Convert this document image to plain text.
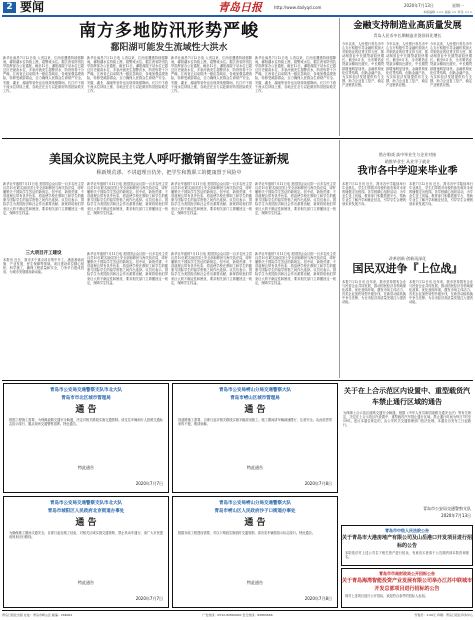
2 要闻	青岛日报	http://www.dailyqd.com	2020年7月13日	星期一
本版编辑 ××× 美编 ×× 审读 ×××
南方多地防汛形势严峻
鄱阳湖可能发生流域性大洪水
新华社南昌7月12日电 入汛以来，江西省遭遇持续强降雨，鄱阳湖水位持续上涨，超警戒水位。据江西省防汛抗旱指挥部办公室通报，截至12日，鄱阳湖星子站水位已超过历史最高水位，多条河流发生超警洪水，防汛形势十分严峻。江西省已启动防汛一级应急响应，各地加强巡堤查险，转移受威胁群众，全力确保人民群众生命财产安全。安徽、湖北、湖南等省份也出现持续强降雨，长江中下游干流水位持续上涨，各地正在全力以赴做好防汛抢险救灾工作。
新华社南昌7月12日电 入汛以来，江西省遭遇持续强降雨，鄱阳湖水位持续上涨，超警戒水位。据江西省防汛抗旱指挥部办公室通报，截至12日，鄱阳湖星子站水位已超过历史最高水位，多条河流发生超警洪水，防汛形势十分严峻。江西省已启动防汛一级应急响应，各地加强巡堤查险，转移受威胁群众，全力确保人民群众生命财产安全。安徽、湖北、湖南等省份也出现持续强降雨，长江中下游干流水位持续上涨，各地正在全力以赴做好防汛抢险救灾工作。
新华社南昌7月12日电 入汛以来，江西省遭遇持续强降雨，鄱阳湖水位持续上涨，超警戒水位。据江西省防汛抗旱指挥部办公室通报，截至12日，鄱阳湖星子站水位已超过历史最高水位，多条河流发生超警洪水，防汛形势十分严峻。江西省已启动防汛一级应急响应，各地加强巡堤查险，转移受威胁群众，全力确保人民群众生命财产安全。安徽、湖北、湖南等省份也出现持续强降雨，长江中下游干流水位持续上涨，各地正在全力以赴做好防汛抢险救灾工作。
新华社南昌7月12日电 入汛以来，江西省遭遇持续强降雨，鄱阳湖水位持续上涨，超警戒水位。据江西省防汛抗旱指挥部办公室通报，截至12日，鄱阳湖星子站水位已超过历史最高水位，多条河流发生超警洪水，防汛形势十分严峻。江西省已启动防汛一级应急响应，各地加强巡堤查险，转移受威胁群众，全力确保人民群众生命财产安全。安徽、湖北、湖南等省份也出现持续强降雨，长江中下游干流水位持续上涨，各地正在全力以赴做好防汛抢险救灾工作。
金融支持制造业高质量发展
青岛人民币中长期制造业贷款同比增长
今年以来，人民银行青岛市中心支行积极引导金融机构加大对制造业的信贷支持力度，推动制造业中长期贷款较快增长。截至6月末，全市制造业贷款余额同比增长，中长期贷款增速明显加快。金融机构优化信贷结构，创新金融产品，为实体经济发展提供有力支撑，助力企业复工复产，稳定产业链供应链。
今年以来，人民银行青岛市中心支行积极引导金融机构加大对制造业的信贷支持力度，推动制造业中长期贷款较快增长。截至6月末，全市制造业贷款余额同比增长，中长期贷款增速明显加快。金融机构优化信贷结构，创新金融产品，为实体经济发展提供有力支撑，助力企业复工复产，稳定产业链供应链。
今年以来，人民银行青岛市中心支行积极引导金融机构加大对制造业的信贷支持力度，推动制造业中长期贷款较快增长。截至6月末，全市制造业贷款余额同比增长，中长期贷款增速明显加快。金融机构优化信贷结构，创新金融产品，为实体经济发展提供有力支撑，助力企业复工复产，稳定产业链供应链。
美国众议院民主党人呼吁撤销留学生签证新规
称新规荒谬、不讲道理且仇外，把学生和教职工的健康置于风险中
新华社华盛顿7月11日电 美国国会众议院一百多名民主党议员10日联名致信国土安全部和移民与海关执法局，呼吁撤销关于国际学生签证的新规定。信中说，新规荒谬、不讲道理且带有仇外色彩，将迫使学校在教职工和学生的健康与国际学生的留学资格之间作出选择。议员们表示，国际学生为美国经济和社会作出重要贡献，新规将给他们带来巨大的不确定性和困扰，要求相关部门立即撤回这一规定，保障学生权益。
新华社华盛顿7月11日电 美国国会众议院一百多名民主党议员10日联名致信国土安全部和移民与海关执法局，呼吁撤销关于国际学生签证的新规定。信中说，新规荒谬、不讲道理且带有仇外色彩，将迫使学校在教职工和学生的健康与国际学生的留学资格之间作出选择。议员们表示，国际学生为美国经济和社会作出重要贡献，新规将给他们带来巨大的不确定性和困扰，要求相关部门立即撤回这一规定，保障学生权益。
新华社华盛顿7月11日电 美国国会众议院一百多名民主党议员10日联名致信国土安全部和移民与海关执法局，呼吁撤销关于国际学生签证的新规定。信中说，新规荒谬、不讲道理且带有仇外色彩，将迫使学校在教职工和学生的健康与国际学生的留学资格之间作出选择。议员们表示，国际学生为美国经济和社会作出重要贡献，新规将给他们带来巨大的不确定性和困扰，要求相关部门立即撤回这一规定，保障学生权益。
新华社华盛顿7月11日电 美国国会众议院一百多名民主党议员10日联名致信国土安全部和移民与海关执法局，呼吁撤销关于国际学生签证的新规定。信中说，新规荒谬、不讲道理且带有仇外色彩，将迫使学校在教职工和学生的健康与国际学生的留学资格之间作出选择。议员们表示，国际学生为美国经济和社会作出重要贡献，新规将给他们带来巨大的不确定性和困扰，要求相关部门立即撤回这一规定，保障学生权益。
三大项目开工建设
本报讯 近日，我市多个重点项目集中开工，涵盖基础设施、产业发展、民生保障等领域。项目建设单位精心组织，科学施工，确保工程质量和安全，力争早日建成投用，为城市发展增添新动能。
新华社华盛顿7月11日电 美国国会众议院一百多名民主党议员10日联名致信国土安全部和移民与海关执法局，呼吁撤销关于国际学生签证的新规定。信中说，新规荒谬、不讲道理且带有仇外色彩，将迫使学校在教职工和学生的健康与国际学生的留学资格之间作出选择。议员们表示，国际学生为美国经济和社会作出重要贡献，新规将给他们带来巨大的不确定性和困扰，要求相关部门立即撤回这一规定，保障学生权益。
新华社华盛顿7月11日电 美国国会众议院一百多名民主党议员10日联名致信国土安全部和移民与海关执法局，呼吁撤销关于国际学生签证的新规定。信中说，新规荒谬、不讲道理且带有仇外色彩，将迫使学校在教职工和学生的健康与国际学生的留学资格之间作出选择。议员们表示，国际学生为美国经济和社会作出重要贡献，新规将给他们带来巨大的不确定性和困扰，要求相关部门立即撤回这一规定，保障学生权益。
新华社华盛顿7月11日电 美国国会众议院一百多名民主党议员10日联名致信国土安全部和移民与海关执法局，呼吁撤销关于国际学生签证的新规定。信中说，新规荒谬、不讲道理且带有仇外色彩，将迫使学校在教职工和学生的健康与国际学生的留学资格之间作出选择。议员们表示，国际学生为美国经济和社会作出重要贡献，新规将给他们带来巨大的不确定性和困扰，要求相关部门立即撤回这一规定，保障学生权益。
搭台唱戏 高中毕业生与企业对接
助推毕业生 从业学子就业
我市各中学迎来毕业季
本报7月12日讯 近日，我市各中学陆续举行毕业典礼，学生们带着对母校的眷恋和对未来的憧憬走出校园。各学校精心组织活动，为毕业生送上祝福。教育部门积极搭建平台，帮助毕业生了解升学和就业信息，引导学生合理规划未来发展方向。
本报7月12日讯 近日，我市各中学陆续举行毕业典礼，学生们带着对母校的眷恋和对未来的憧憬走出校园。各学校精心组织活动，为毕业生送上祝福。教育部门积极搭建平台，帮助毕业生了解升学和就业信息，引导学生合理规划未来发展方向。
改革创新 创新再深化
国民双进争『上位战』
本报7月12日讯 近年来，我市坚持国有企业与民营企业共同发展，推动国民经济各领域深化改革，优化营商环境，激发市场主体活力。各类企业加快转型升级步伐，在新旧动能转换中争当先锋，为全市经济高质量发展注入强劲动能。
本报7月12日讯 近年来，我市坚持国有企业与民营企业共同发展，推动国民经济各领域深化改革，优化营商环境，激发市场主体活力。各类企业加快转型升级步伐，在新旧动能转换中争当先锋，为全市经济高质量发展注入强劲动能。
青岛市公安局交通警察支队市北大队
青岛市市北区城市管理局
通 告
根据工程施工需要，为保障道路交通安全畅通，决定对相关路段实施交通管制。请过往车辆和行人按照交通标志指示绕行，服从现场交通警察指挥。特此通告。
特此通告
2020年7月7日
青岛市公安局崂山分局交通警察大队
青岛市崂山区城市管理局
通 告
因道路施工需要，自即日起对相关路段实施半幅封闭施工。施工期间请车辆减速慢行，注意安全。由此给您带来的不便，敬请谅解。
特此通告
2020年7月8日
青岛市公安局交通警察支队市北大队
青岛市城阳区人民政府北京街道办事处
通 告
为确保施工期间交通安全，自即日起至施工结束，对相关区域实施交通管制，禁止机动车通行。请广大市民提前规划出行路线。
特此通告
2020年7月7日
青岛市公安局崂山分局交通警察大队
青岛市崂山区人民政府沙子口街道办事处
通 告
根据市政工程建设需要，对以下路段实施临时交通管制，请各类车辆按指示标志绕行。特此通告。
特此通告
2020年7月8日
关于在上合示范区内设置中、重型载货汽车禁止通行区域的通告
为保障上合示范区道路交通安全畅通，根据《中华人民共和国道路交通安全法》等有关规定，决定在上合示范区内设置中、重型载货汽车禁止通行区域。禁止通行时间为每日7时至19时。违反本通告规定的，由公安机关交通管理部门依法处理。本通告自发布之日起施行。
青岛市公安局交通警察支队
2020年7月13日
青岛市中级人民法院公告
关于青岛市大港房地产有限公司及山岳港口开发项目进行招标的公告
本院依法对上述公司名下相关资产进行拍卖，有意竞买者请于公告期内到本院咨询报名。
青岛市市南财政局公开招标公告
关于青岛海湾智能投资产业发展有限公司举办江苏中联城市开发总部项目进行招标的公告
现对上述项目进行公开招标，欢迎符合条件的投标人参加。
青岛日报社出版 社址：青岛市崂山区 邮编：266061	广告热线：0532-82860000 发行热线：82860666	零售价：1.00元 印刷：青岛日报社印务中心
